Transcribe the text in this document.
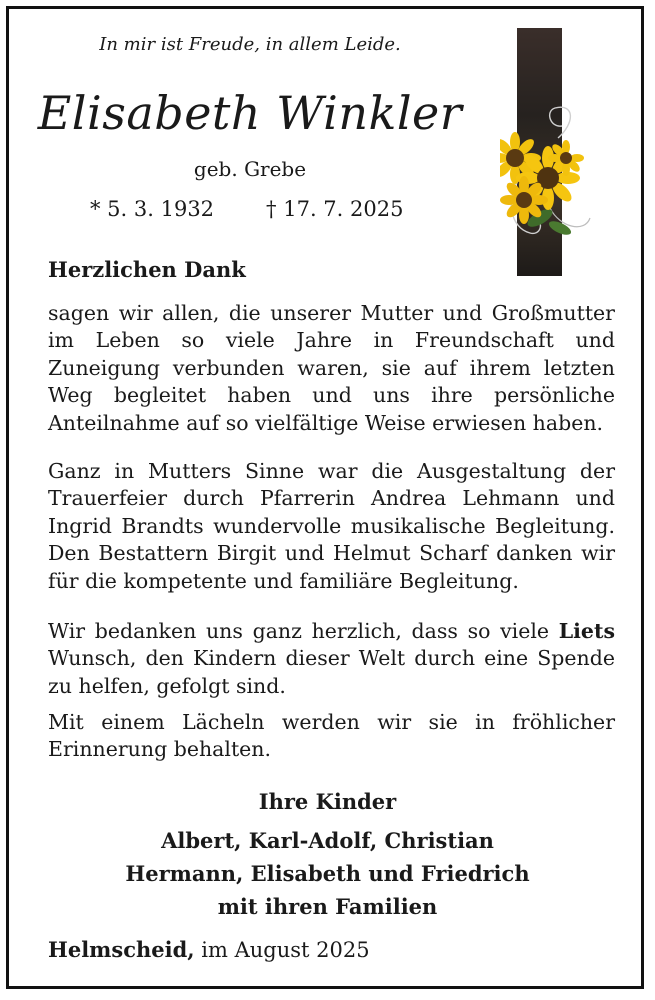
In mir ist Freude, in allem Leide.
Elisabeth Winkler
geb. Grebe
* 5. 3. 1932 † 17. 7. 2025
Herzlichen Dank

sagen wir allen, die unserer Mutter und Großmutter im Leben so viele Jahre in Freundschaft und Zuneigung verbunden waren, sie auf ihrem letzten Weg begleitet haben und uns ihre persönliche Anteilnahme auf so vielfältige Weise erwiesen haben.

Ganz in Mutters Sinne war die Ausgestaltung der Trauerfeier durch Pfarrerin Andrea Lehmann und Ingrid Brandts wundervolle musikalische Begleitung. Den Bestattern Birgit und Helmut Scharf danken wir für die kompetente und familiäre Begleitung.

Wir bedanken uns ganz herzlich, dass so viele Liets Wunsch, den Kindern dieser Welt durch eine Spende zu helfen, gefolgt sind.

Mit einem Lächeln werden wir sie in fröhlicher Erinnerung behalten.

Ihre Kinder
Albert, Karl-Adolf, Christian
Hermann, Elisabeth und Friedrich
mit ihren Familien
Helmscheid, im August 2025
